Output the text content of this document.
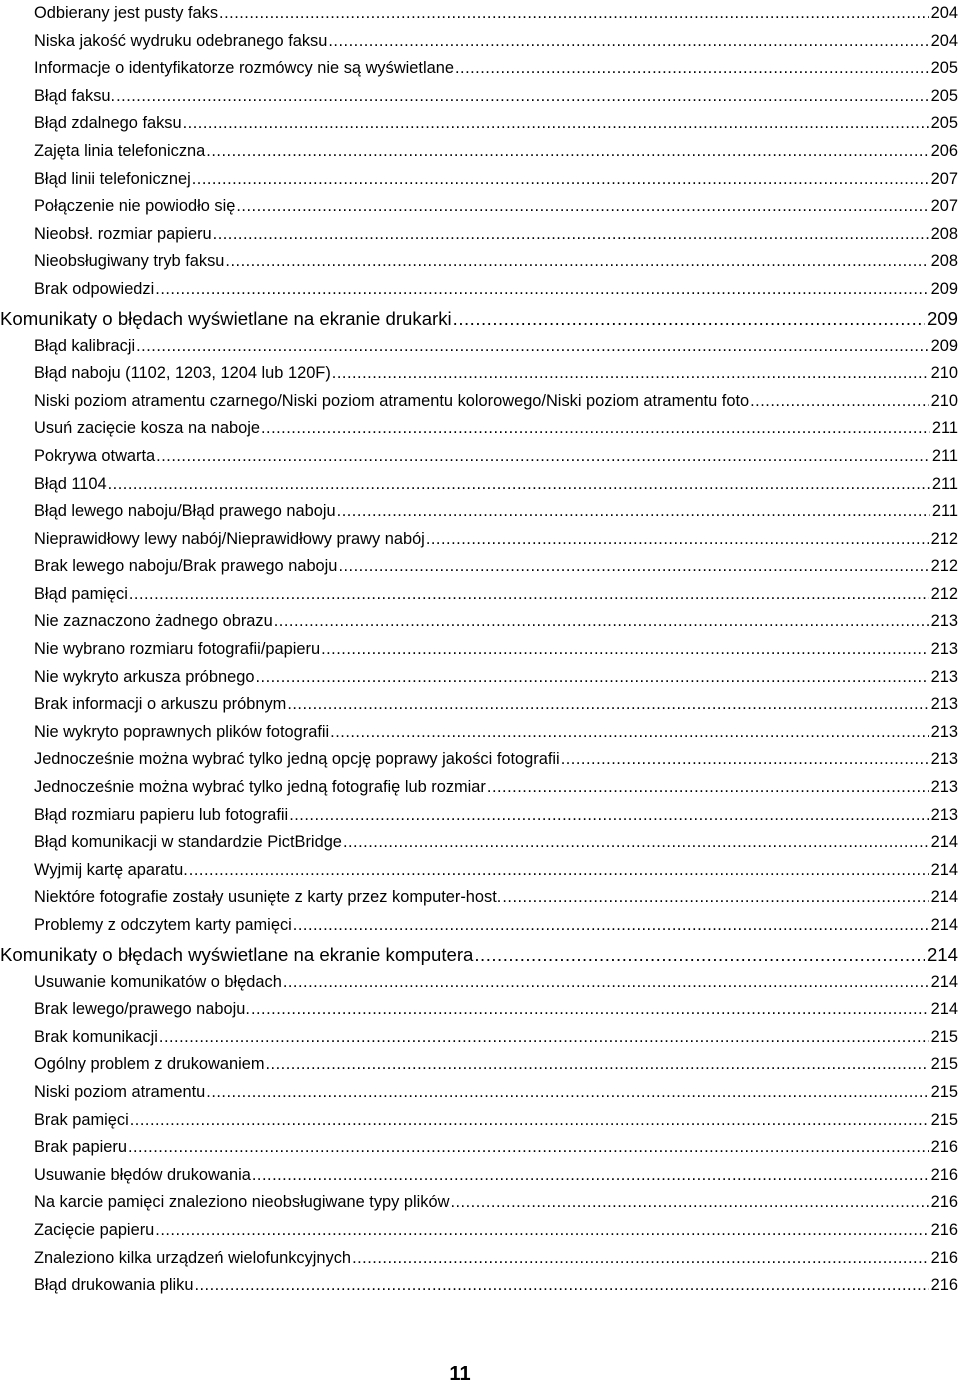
Odbierany jest pusty faks .....	204
Niska jakość wydruku odebranego faksu .....	204
Informacje o identyfikatorze rozmówcy nie są wyświetlane .....	205
Błąd faksu. .....	205
Błąd zdalnego faksu .....	205
Zajęta linia telefoniczna .....	206
Błąd linii telefonicznej .....	207
Połączenie nie powiodło się .....	207
Nieobsł. rozmiar papieru .....	208
Nieobsługiwany tryb faksu .....	208
Brak odpowiedzi .....	209
Komunikaty o błędach wyświetlane na ekranie drukarki .....	209
Błąd kalibracji .....	209
Błąd naboju (1102, 1203, 1204 lub 120F) .....	210
Niski poziom atramentu czarnego/Niski poziom atramentu kolorowego/Niski poziom atramentu foto .....	210
Usuń zacięcie kosza na naboje .....	211
Pokrywa otwarta .....	211
Błąd 1104 .....	211
Błąd lewego naboju/Błąd prawego naboju .....	211
Nieprawidłowy lewy nabój/Nieprawidłowy prawy nabój .....	212
Brak lewego naboju/Brak prawego naboju .....	212
Błąd pamięci .....	212
Nie zaznaczono żadnego obrazu .....	213
Nie wybrano rozmiaru fotografii/papieru .....	213
Nie wykryto arkusza próbnego .....	213
Brak informacji o arkuszu próbnym .....	213
Nie wykryto poprawnych plików fotografii .....	213
Jednocześnie można wybrać tylko jedną opcję poprawy jakości fotografii .....	213
Jednocześnie można wybrać tylko jedną fotografię lub rozmiar .....	213
Błąd rozmiaru papieru lub fotografii .....	213
Błąd komunikacji w standardzie PictBridge .....	214
Wyjmij kartę aparatu. .....	214
Niektóre fotografie zostały usunięte z karty przez komputer-host. .....	214
Problemy z odczytem karty pamięci .....	214
Komunikaty o błędach wyświetlane na ekranie komputera .....	214
Usuwanie komunikatów o błędach .....	214
Brak lewego/prawego naboju. .....	214
Brak komunikacji .....	215
Ogólny problem z drukowaniem .....	215
Niski poziom atramentu .....	215
Brak pamięci .....	215
Brak papieru .....	216
Usuwanie błędów drukowania .....	216
Na karcie pamięci znaleziono nieobsługiwane typy plików .....	216
Zacięcie papieru .....	216
Znaleziono kilka urządzeń wielofunkcyjnych .....	216
Błąd drukowania pliku .....	216
11
